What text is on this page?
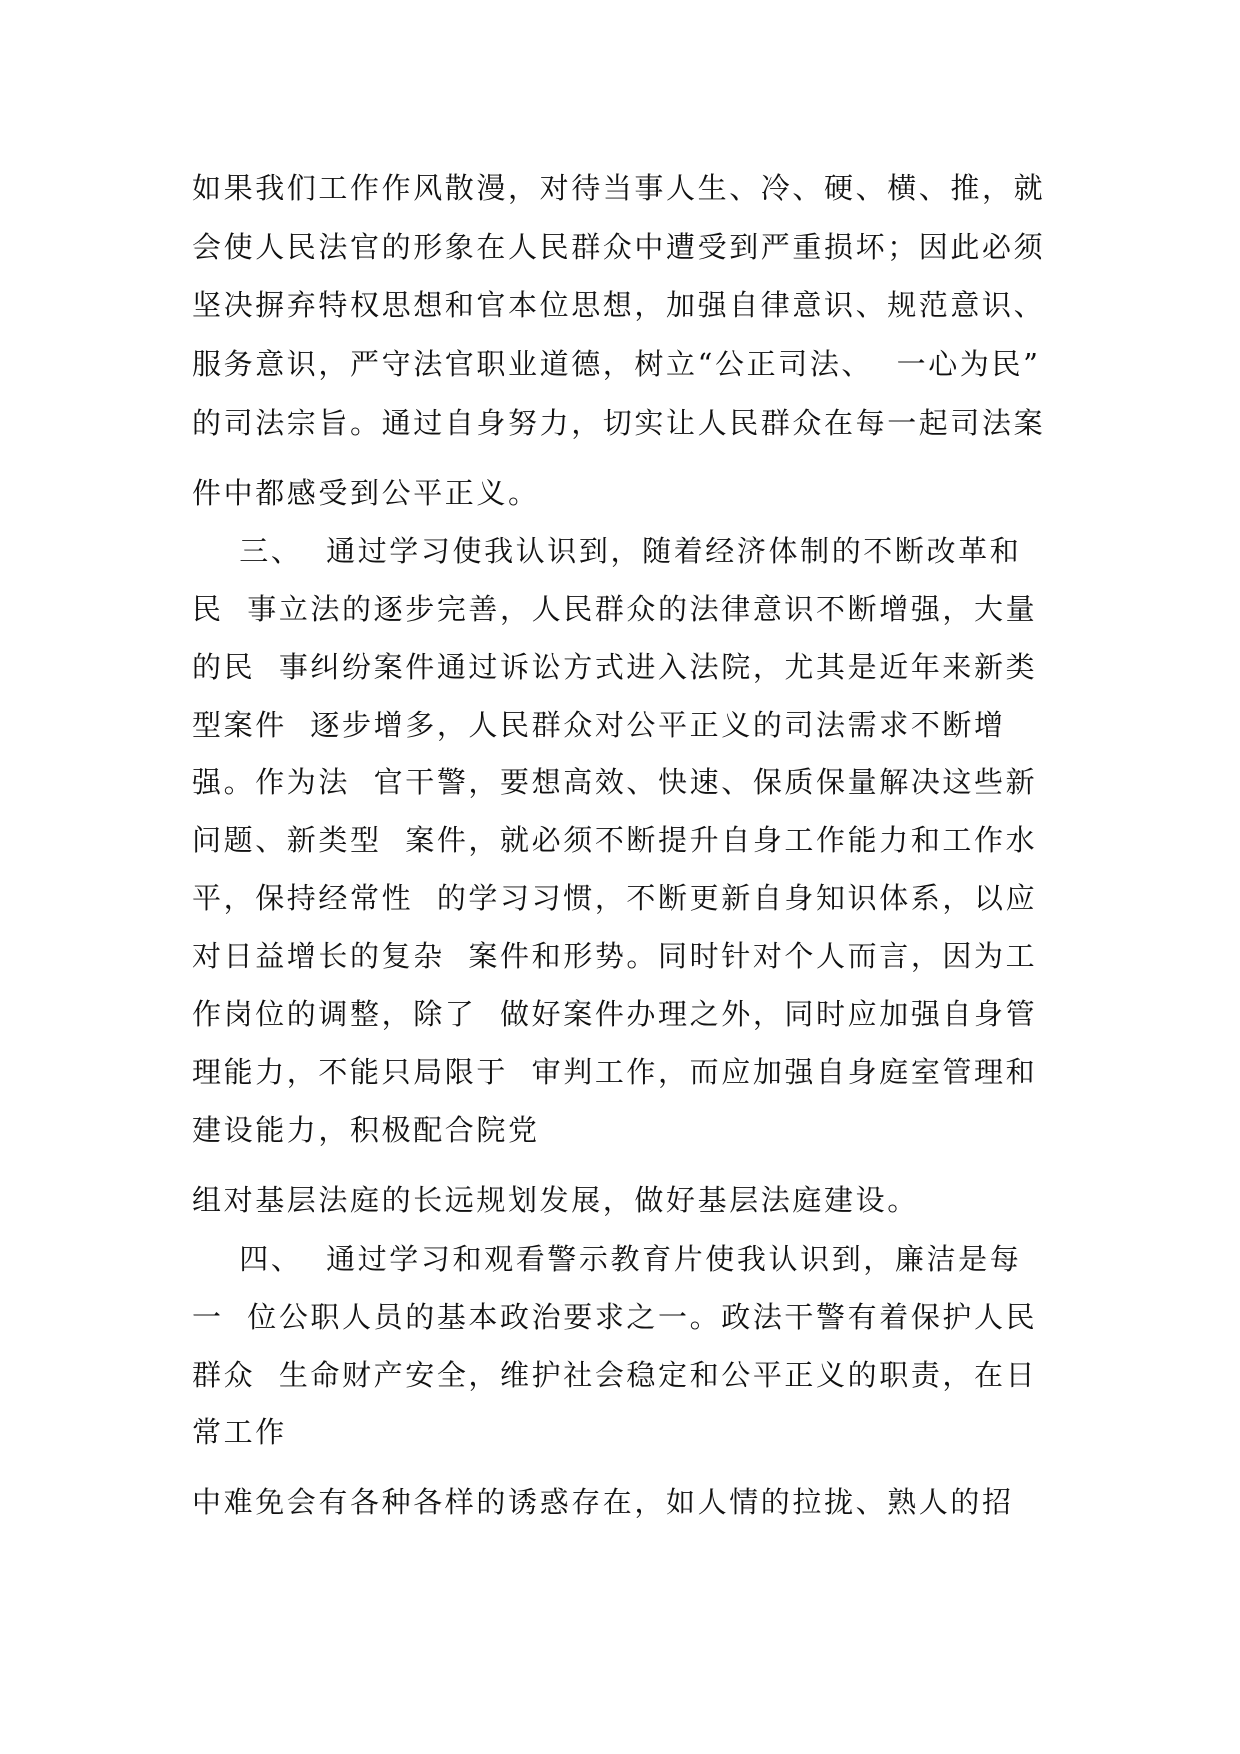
如果我们工作作风散漫，对待当事人生、冷、硬、横、推，就
会使人民法官的形象在人民群众中遭受到严重损坏；因此必须
坚决摒弃特权思想和官本位思想，加强自律意识、规范意识、
服务意识，严守法官职业道德，树立“公正司法、  一心为民”
的司法宗旨。通过自身努力，切实让人民群众在每一起司法案
件中都感受到公平正义。
三、  通过学习使我认识到，随着经济体制的不断改革和
民  事立法的逐步完善，人民群众的法律意识不断增强，大量
的民  事纠纷案件通过诉讼方式进入法院，尤其是近年来新类
型案件  逐步增多，人民群众对公平正义的司法需求不断增
强。作为法  官干警，要想高效、快速、保质保量解决这些新
问题、新类型  案件，就必须不断提升自身工作能力和工作水
平，保持经常性  的学习习惯，不断更新自身知识体系，以应
对日益增长的复杂  案件和形势。同时针对个人而言，因为工
作岗位的调整，除了  做好案件办理之外，同时应加强自身管
理能力，不能只局限于  审判工作，而应加强自身庭室管理和
建设能力，积极配合院党
组对基层法庭的长远规划发展，做好基层法庭建设。
四、  通过学习和观看警示教育片使我认识到，廉洁是每
一  位公职人员的基本政治要求之一。政法干警有着保护人民
群众  生命财产安全，维护社会稳定和公平正义的职责，在日
常工作
中难免会有各种各样的诱惑存在，如人情的拉拢、熟人的招
